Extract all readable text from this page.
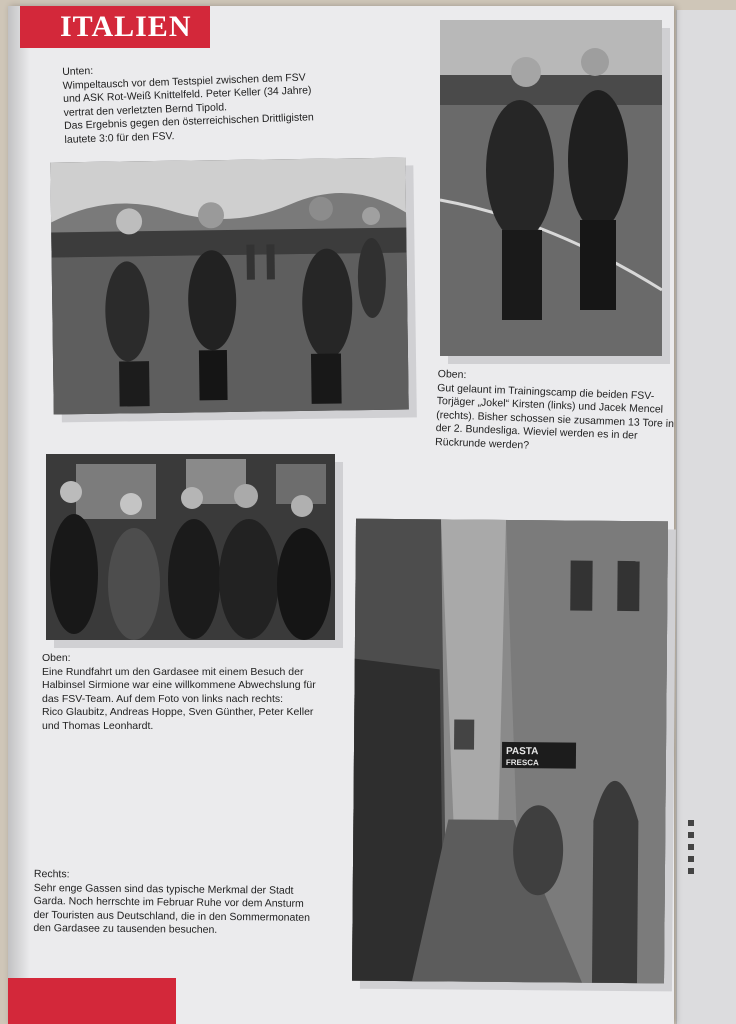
ITALIEN
Unten:
Wimpeltausch vor dem Testspiel zwischen dem FSV
und ASK Rot-Weiß Knittelfeld. Peter Keller (34 Jahre)
vertrat den verletzten Bernd Tipold.
Das Ergebnis gegen den österreichischen Drittligisten
lautete 3:0 für den FSV.
Oben:
Gut gelaunt im Trainingscamp die beiden FSV-
Torjäger „Jokel“ Kirsten (links) und Jacek Mencel
(rechts). Bisher schossen sie zusammen 13 Tore in
der 2. Bundesliga. Wieviel werden es in der
Rückrunde werden?
Oben:
Eine Rundfahrt um den Gardasee mit einem Besuch der
Halbinsel Sirmione war eine willkommene Abwechslung für
das FSV-Team. Auf dem Foto von links nach rechts:
Rico Glaubitz, Andreas Hoppe, Sven Günther, Peter Keller
und Thomas Leonhardt.
PASTA
FRESCA
Rechts:
Sehr enge Gassen sind das typische Merkmal der Stadt
Garda. Noch herrschte im Februar Ruhe vor dem Ansturm
der Touristen aus Deutschland, die in den Sommermonaten
den Gardasee zu tausenden besuchen.
